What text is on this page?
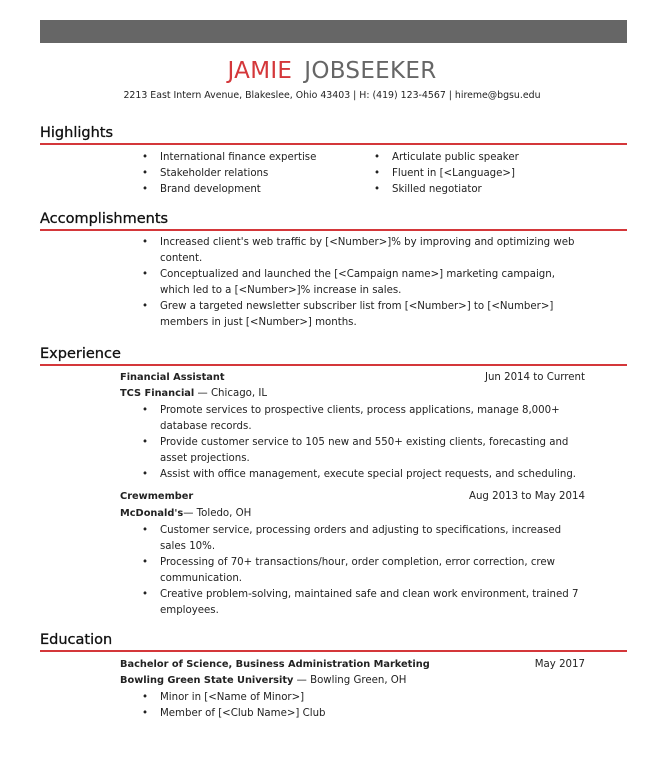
JAMIE JOBSEEKER
2213 East Intern Avenue, Blakeslee, Ohio 43403 | H: (419) 123-4567 | hireme@bgsu.edu
Highlights
• International finance expertise
• Stakeholder relations
• Brand development
• Articulate public speaker
• Fluent in [<Language>]
• Skilled negotiator
Accomplishments
• Increased client's web traffic by [<Number>]% by improving and optimizing web content.
• Conceptualized and launched the [<Campaign name>] marketing campaign, which led to a [<Number>]% increase in sales.
• Grew a targeted newsletter subscriber list from [<Number>] to [<Number>] members in just [<Number>] months.
Experience
Financial Assistant	Jun 2014 to Current
TCS Financial — Chicago, IL
• Promote services to prospective clients, process applications, manage 8,000+ database records.
• Provide customer service to 105 new and 550+ existing clients, forecasting and asset projections.
• Assist with office management, execute special project requests, and scheduling.
Crewmember	Aug 2013 to May 2014
McDonald's— Toledo, OH
• Customer service, processing orders and adjusting to specifications, increased sales 10%.
• Processing of 70+ transactions/hour, order completion, error correction, crew communication.
• Creative problem-solving, maintained safe and clean work environment, trained 7 employees.
Education
Bachelor of Science, Business Administration Marketing	May 2017
Bowling Green State University — Bowling Green, OH
• Minor in [<Name of Minor>]
• Member of [<Club Name>] Club
